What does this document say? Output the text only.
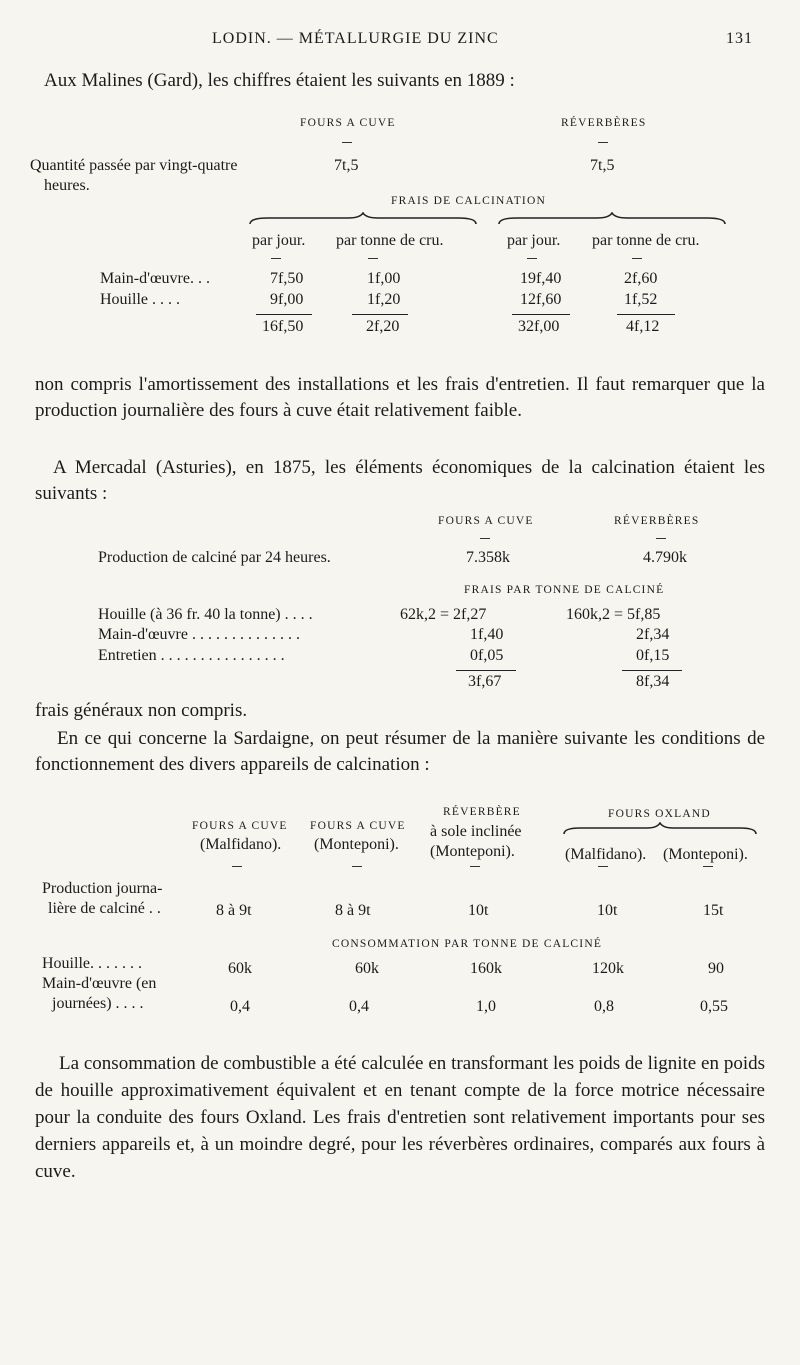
LODIN. — MÉTALLURGIE DU ZINC	131
Aux Malines (Gard), les chiffres étaient les suivants en 1889 :
FOURS A CUVE	RÉVERBÈRES
Quantité passée par vingt-quatre
heures.
7t,5	7t,5
FRAIS DE CALCINATION
par jour. par tonne de cru.	par jour. par tonne de cru.
Main-d'œuvre. . .	7f,50	1f,00	19f,40	2f,60
Houille . . . .	9f,00	1f,20	12f,60	1f,52
16f,50	2f,20	32f,00	4f,12
non compris l'amortissement des installations et les frais d'entretien. Il faut remarquer que la production journalière des fours à cuve était relativement faible.
A Mercadal (Asturies), en 1875, les éléments économiques de la calcination étaient les suivants :
FOURS A CUVE	RÉVERBÈRES
Production de calciné par 24 heures.	7.358k	4.790k
FRAIS PAR TONNE DE CALCINÉ
Houille (à 36 fr. 40 la tonne) . . . .	62k,2 = 2f,27	160k,2 = 5f,85
Main-d'œuvre . . . . . . . . . . . . . .	1f,40	2f,34
Entretien . . . . . . . . . . . . . . . .	0f,05	0f,15
3f,67	8f,34
frais généraux non compris.
En ce qui concerne la Sardaigne, on peut résumer de la manière suivante les conditions de fonctionnement des divers appareils de calcination :
FOURS A CUVE
(Malfidano).
FOURS A CUVE
(Monteponi).
RÉVERBÈRE
à sole inclinée
(Monteponi).
FOURS OXLAND
(Malfidano). (Monteponi).
Production journa-
lière de calciné . .	8 à 9t	8 à 9t	10t	10t	15t
CONSOMMATION PAR TONNE DE CALCINÉ
Houille. . . . . . .	60k	60k	160k	120k	90
Main-d'œuvre (en
journées) . . . .	0,4	0,4	1,0	0,8	0,55
La consommation de combustible a été calculée en transformant les poids de lignite en poids de houille approximativement équivalent et en tenant compte de la force motrice nécessaire pour la conduite des fours Oxland. Les frais d'entretien sont relativement importants pour ses derniers appareils et, à un moindre degré, pour les réverbères ordinaires, comparés aux fours à cuve.
